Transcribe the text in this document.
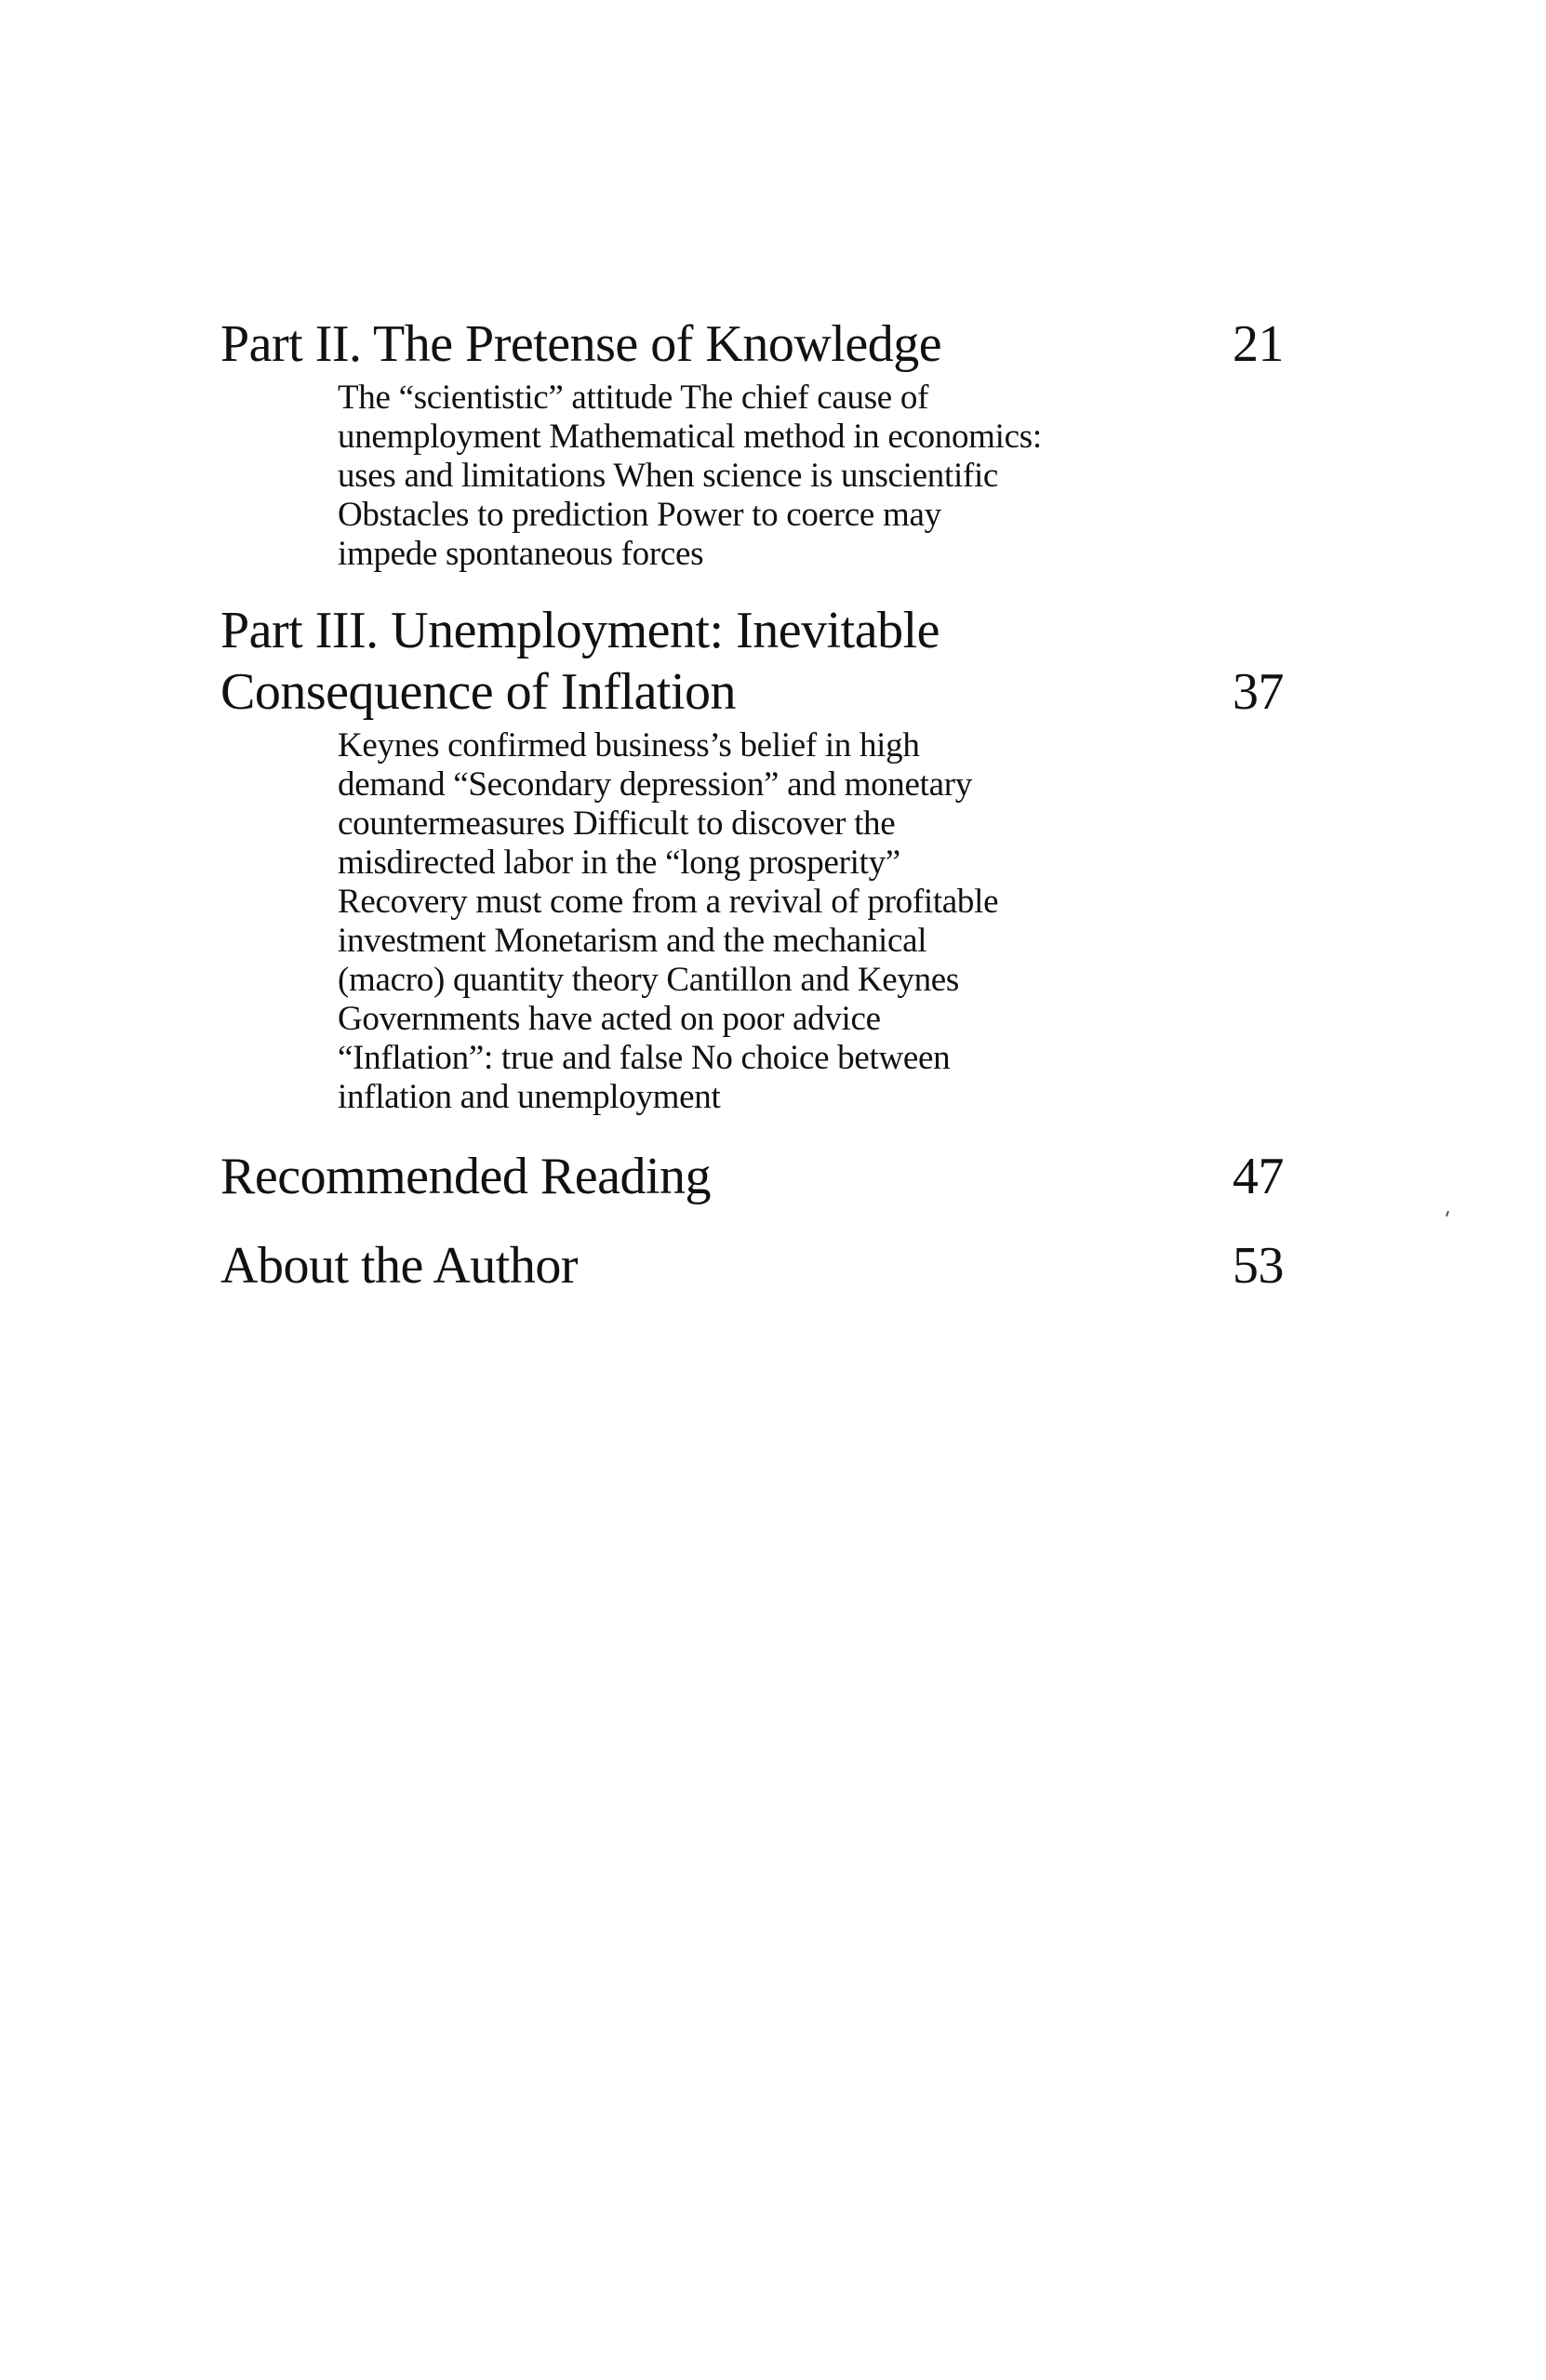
Part II. The Pretense of Knowledge	21
The “scientistic” attitude The chief cause of
unemployment Mathematical method in economics:
uses and limitations When science is unscientific
Obstacles to prediction Power to coerce may
impede spontaneous forces
Part III. Unemployment: Inevitable
Consequence of Inflation	37
Keynes confirmed business’s belief in high
demand “Secondary depression” and monetary
countermeasures Difficult to discover the
misdirected labor in the “long prosperity”
Recovery must come from a revival of profitable
investment Monetarism and the mechanical
(macro) quantity theory Cantillon and Keynes
Governments have acted on poor advice
“Inflation”: true and false No choice between
inflation and unemployment
Recommended Reading	47
About the Author	53
